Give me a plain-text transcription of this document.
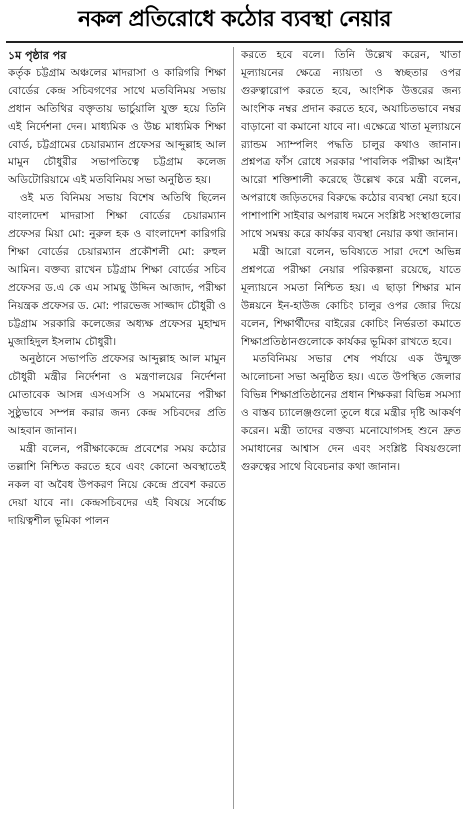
নকল প্রতিরোধে কঠোর ব্যবস্থা নেয়ার

১ম পৃষ্ঠার পর

কর্তৃক চট্টগ্রাম অঞ্চলের মাদরাসা ও কারিগরি শিক্ষা বোর্ডের কেন্দ্র সচিবগণের সাথে মতবিনিময় সভায় প্রধান অতিথির বক্তৃতায় ভার্চুয়ালি যুক্ত হয়ে তিনি এই নির্দেশনা দেন। মাধ্যমিক ও উচ্চ মাধ্যমিক শিক্ষা বোর্ড, চট্টগ্রামের চেয়ারম্যান প্রফেসর আব্দুল্লাহ আল মামুন চৌধুরীর সভাপতিত্বে চট্টগ্রাম কলেজ অডিটোরিয়ামে এই মতবিনিময় সভা অনুষ্ঠিত হয়।

ওই মত বিনিময় সভায় বিশেষ অতিথি ছিলেন বাংলাদেশ মাদরাসা শিক্ষা বোর্ডের চেয়ারম্যান প্রফেসর মিয়া মো: নুরুল হক ও বাংলাদেশ কারিগরি শিক্ষা বোর্ডের চেয়ারম্যান প্রকৌশলী মো: রুহুল আমিন। বক্তব্য রাখেন চট্টগ্রাম শিক্ষা বোর্ডের সচিব প্রফেসর ড.এ কে এম সামছু উদ্দিন আজাদ, পরীক্ষা নিয়ন্ত্রক প্রফেসর ড. মো: পারভেজ সাজ্জাদ চৌধুরী ও চট্টগ্রাম সরকারি কলেজের অধ্যক্ষ প্রফেসর মুহাম্মদ মুজাহিদুল ইসলাম চৌধুরী।

অনুষ্ঠানে সভাপতি প্রফেসর আব্দুল্লাহ আল মামুন চৌধুরী মন্ত্রীর নির্দেশনা ও মন্ত্রণালয়ের নির্দেশনা মোতাবেক আসন্ন এসএসসি ও সমমানের পরীক্ষা সুষ্ঠুভাবে সম্পন্ন করার জন্য কেন্দ্র সচিবদের প্রতি আহবান জানান।

মন্ত্রী বলেন, পরীক্ষাকেন্দ্রে প্রবেশের সময় কঠোর তল্লাশি নিশ্চিত করতে হবে এবং কোনো অবস্থাতেই নকল বা অবৈধ উপকরণ নিয়ে কেন্দ্রে প্রবেশ করতে দেয়া যাবে না। কেন্দ্রসচিবদের এই বিষয়ে সর্বোচ্চ দায়িত্বশীল ভূমিকা পালন

করতে হবে বলে। তিনি উল্লেখ করেন, খাতা মূল্যায়নের ক্ষেত্রে ন্যায়তা ও স্বচ্ছতার ওপর গুরুত্বারোপ করতে হবে, আংশিক উত্তরের জন্য আংশিক নম্বর প্রদান করতে হবে, অযাচিতভাবে নম্বর বাড়ানো বা কমানো যাবে না। এক্ষেত্রে খাতা মূল্যায়নে র‍্যান্ডম স্যাম্পলিং পদ্ধতি চালুর কথাও জানান। প্রশ্নপত্র ফাঁস রোধে সরকার 'পাবলিক পরীক্ষা আইন' আরো শক্তিশালী করেছে উল্লেখ করে মন্ত্রী বলেন, অপরাধে জড়িতদের বিরুদ্ধে কঠোর ব্যবস্থা নেয়া হবে। পাশাপাশি সাইবার অপরাধ দমনে সংশ্লিষ্ট সংস্থাগুলোর সাথে সমন্বয় করে কার্যকর ব্যবস্থা নেয়ার কথা জানান।

মন্ত্রী আরো বলেন, ভবিষ্যতে সারা দেশে অভিন্ন প্রশ্নপত্রে পরীক্ষা নেয়ার পরিকল্পনা রয়েছে, যাতে মূল্যায়নে সমতা নিশ্চিত হয়। এ ছাড়া শিক্ষার মান উন্নয়নে ইন-হাউজ কোচিং চালুর ওপর জোর দিয়ে বলেন, শিক্ষার্থীদের বাইরের কোচিং নির্ভরতা কমাতে শিক্ষাপ্রতিষ্ঠানগুলোকে কার্যকর ভূমিকা রাখতে হবে।

মতবিনিময় সভার শেষ পর্যায়ে এক উন্মুক্ত আলোচনা সভা অনুষ্ঠিত হয়। এতে উপস্থিত জেলার বিভিন্ন শিক্ষাপ্রতিষ্ঠানের প্রধান শিক্ষকরা বিভিন্ন সমস্যা ও বাস্তব চ্যালেঞ্জগুলো তুলে ধরে মন্ত্রীর দৃষ্টি আকর্ষণ করেন। মন্ত্রী তাদের বক্তব্য মনোযোগসহ শুনে দ্রুত সমাধানের আশ্বাস দেন এবং সংশ্লিষ্ট বিষয়গুলো গুরুত্বের সাথে বিবেচনার কথা জানান।
